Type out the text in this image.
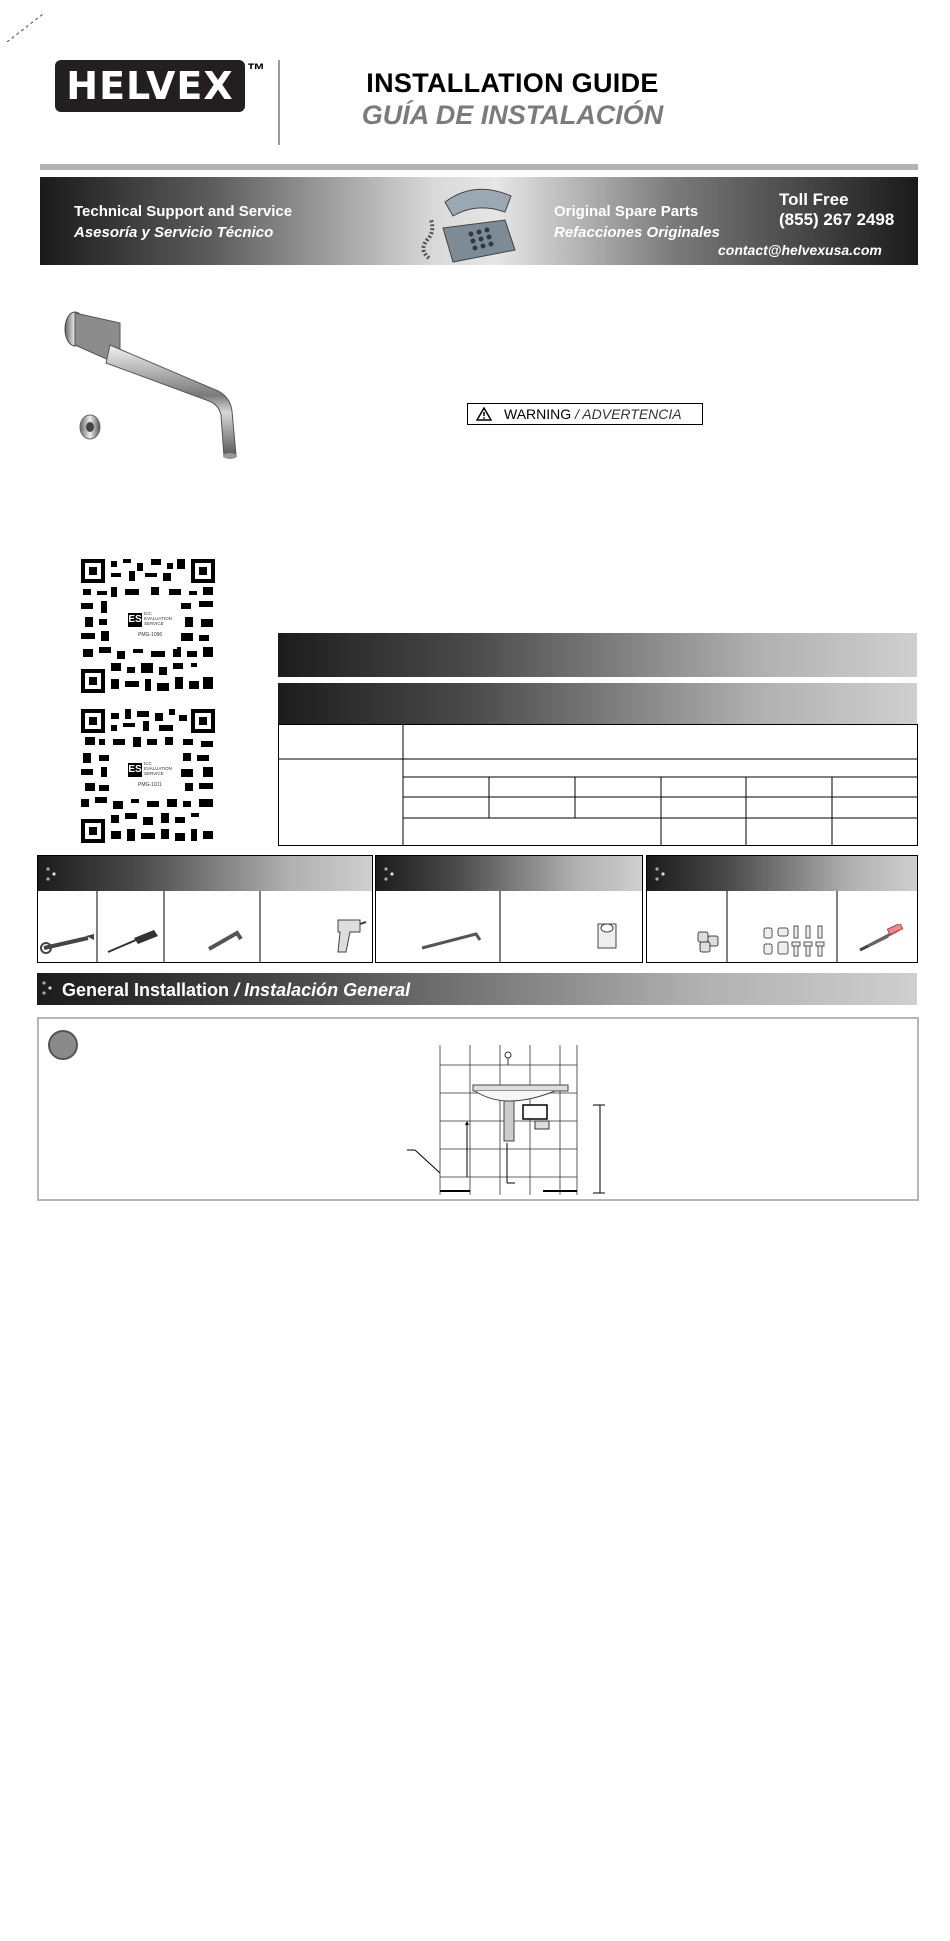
HELVEX ™	INSTALLATION GUIDE
GUÍA DE INSTALACIÓN
Technical Support and Service
Asesoría y Servicio Técnico
Original Spare Parts
Refacciones Originales
Toll Free
(855) 267 2498
contact@helvexusa.com
WARNING
/ ADVERTENCIA
ES
ICC
EVALUATION
SERVICE
PMG-1096
ES
ICC
EVALUATION
SERVICE
PMG-1101
General Installation / Instalación General
